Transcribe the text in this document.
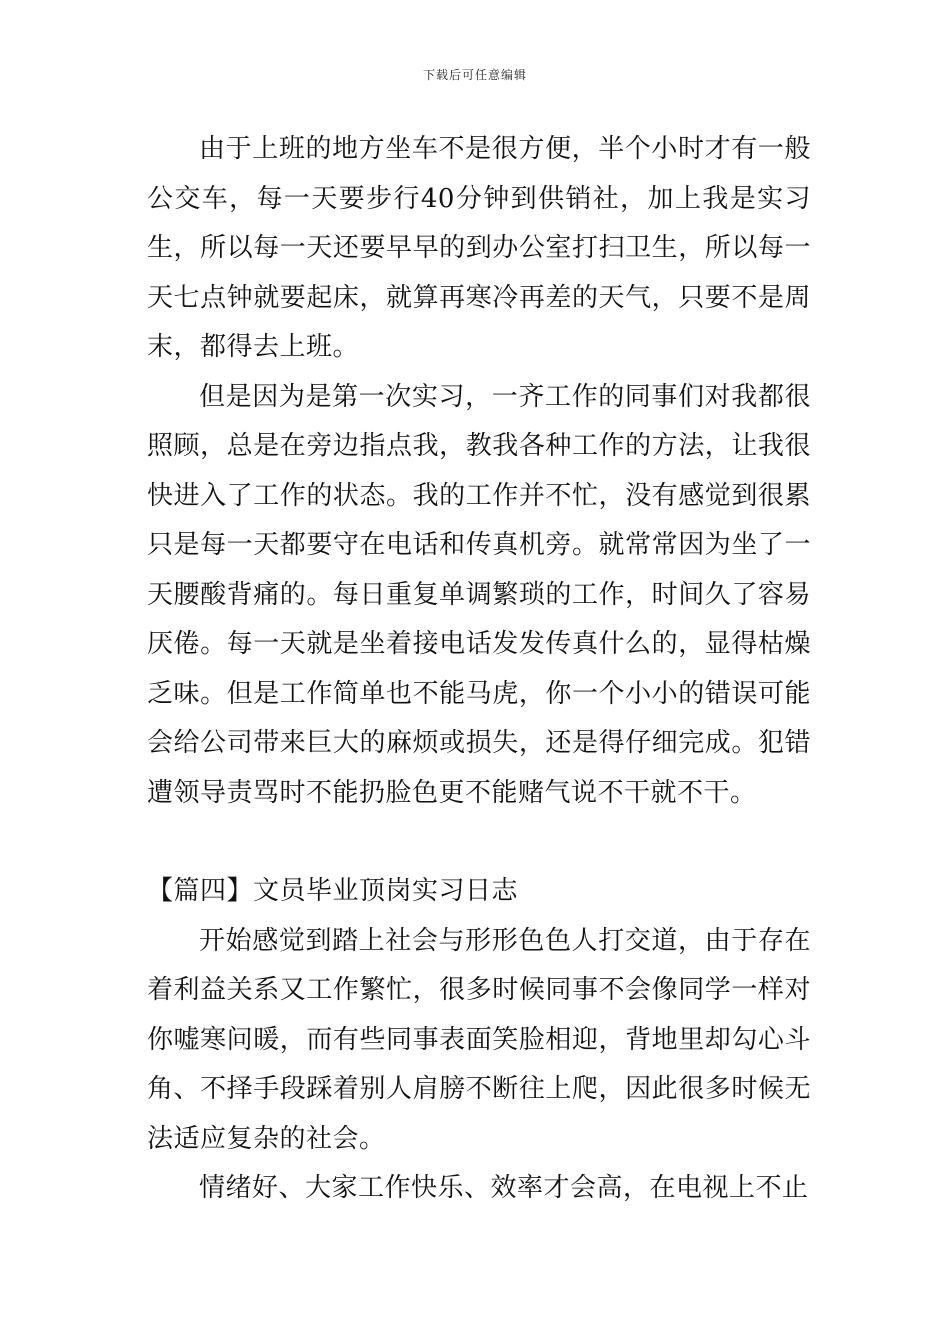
下载后可任意编辑

由于上班的地方坐车不是很方便，半个小时才有一般公交车，每一天要步行40分钟到供销社，加上我是实习生，所以每一天还要早早的到办公室打扫卫生，所以每一天七点钟就要起床，就算再寒冷再差的天气，只要不是周末，都得去上班。

但是因为是第一次实习，一齐工作的同事们对我都很照顾，总是在旁边指点我，教我各种工作的方法，让我很快进入了工作的状态。我的工作并不忙，没有感觉到很累只是每一天都要守在电话和传真机旁。就常常因为坐了一天腰酸背痛的。每日重复单调繁琐的工作，时间久了容易厌倦。每一天就是坐着接电话发发传真什么的，显得枯燥乏味。但是工作简单也不能马虎，你一个小小的错误可能会给公司带来巨大的麻烦或损失，还是得仔细完成。犯错遭领导责骂时不能扔脸色更不能赌气说不干就不干。

【篇四】文员毕业顶岗实习日志

开始感觉到踏上社会与形形色色人打交道，由于存在着利益关系又工作繁忙，很多时候同事不会像同学一样对你嘘寒问暖，而有些同事表面笑脸相迎，背地里却勾心斗角、不择手段踩着别人肩膀不断往上爬，因此很多时候无法适应复杂的社会。

情绪好、大家工作快乐、效率才会高，在电视上不止
